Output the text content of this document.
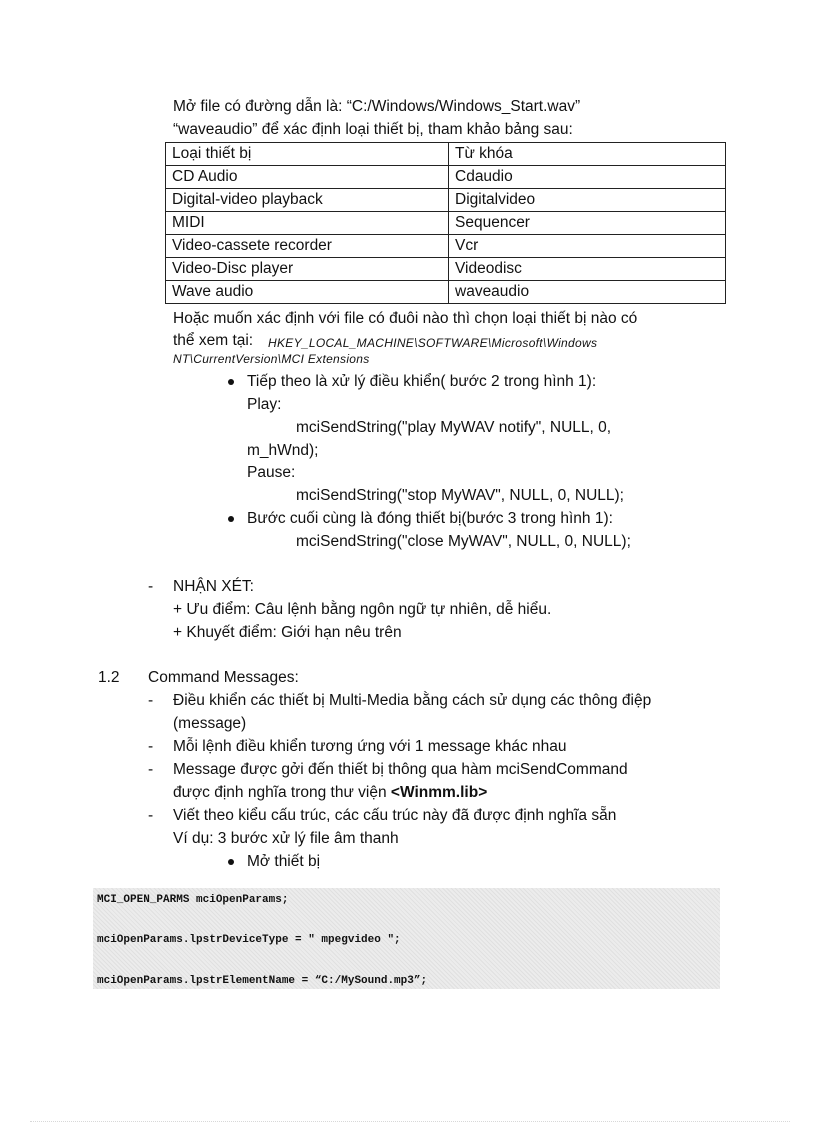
Mở file có đường dẫn là: “C:/Windows/Windows_Start.wav”
“waveaudio” để xác định loại thiết bị, tham khảo bảng sau:
Loại thiết bị	Từ khóa
CD Audio	Cdaudio
Digital-video playback	Digitalvideo
MIDI	Sequencer
Video-cassete recorder	Vcr
Video-Disc player	Videodisc
Wave audio	waveaudio
Hoặc muốn xác định với file có đuôi nào thì chọn loại thiết bị nào có
thể xem tại: HKEY_LOCAL_MACHINE\SOFTWARE\Microsoft\Windows
NT\CurrentVersion\MCI Extensions
Tiếp theo là xử lý điều khiển( bước 2 trong hình 1):
Play:
mciSendString("play MyWAV notify", NULL, 0,
m_hWnd);
Pause:
mciSendString("stop MyWAV", NULL, 0, NULL);
Bước cuối cùng là đóng thiết bị(bước 3 trong hình 1):
mciSendString("close MyWAV", NULL, 0, NULL);
- NHẬN XÉT:
+ Ưu điểm: Câu lệnh bằng ngôn ngữ tự nhiên, dễ hiểu.
+ Khuyết điểm: Giới hạn nêu trên
1.2 Command Messages:
- Điều khiển các thiết bị Multi-Media bằng cách sử dụng các thông điệp
(message)
- Mỗi lệnh điều khiển tương ứng với 1 message khác nhau
- Message được gởi đến thiết bị thông qua hàm mciSendCommand
được định nghĩa trong thư viện <Winmm.lib>
- Viết theo kiểu cấu trúc, các cấu trúc này đã được định nghĩa sẵn
Ví dụ: 3 bước xử lý file âm thanh
Mở thiết bị
MCI_OPEN_PARMS mciOpenParams;
mciOpenParams.lpstrDeviceType = " mpegvideo ";
mciOpenParams.lpstrElementName = “C:/MySound.mp3”;
